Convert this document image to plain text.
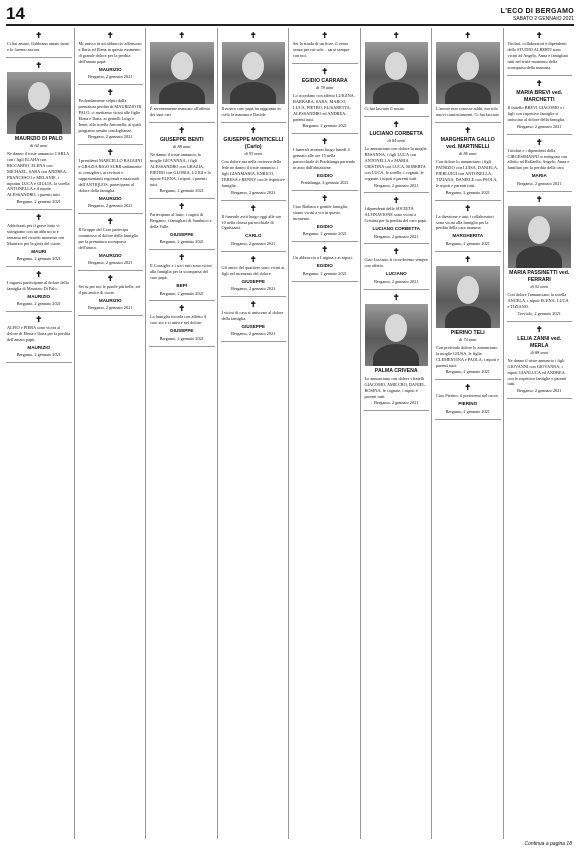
14	L'ECO DI BERGAMO
SABATO 2 GENNAIO 2021
✝
Ci hai amato, Gabbiano amato tanto e lo faremo ancora.
✝
MAURIZIO DI PALO
di 64 anni
Ne danno il triste annuncio CARLA con i figli ELAHA con RICCARDO, ELENA con MICHAEL, SARA con ANDREA, FRANCESCO e MELANIE, i nipotini LUCA e GIULIA, la sorella ANTONELLA e il nipote ALESSANDRO, i parenti tutti.
Bergamo, 2 gennaio 2021
✝
Addolorati per il grave lutto vi stringiamo con un abbraccio e teniamo nel ricordo momenti con Maurizio per la gioia del cuore.
MAURI
Bergamo, 2 gennaio 2021
✝
I ragazzi partecipano al dolore della famiglia di Maurizio Di Palo.
MAURIZIO
Bergamo, 2 gennaio 2021
✝
ALFIO e PIERA sono vicini al dolore di Elena e Ilaria per la perdita dell'amato papà.
MAURIZIO
Bergamo, 2 gennaio 2021
✝
Mi unisco in un abbraccio affettuoso a Ilaria ed Elena in questo momento di grande dolore per la perdita dell'amato papà.
MAURIZIO
Bergamo, 2 gennaio 2021
✝
Profondamente colpiti dalla prematura perdita di MAURIZIO DI PALO, ci mettiamo vicini alle figlie Elena e Ilaria, ai gemelli Luigi e Irene, alla sorella Antonella, ai quali porgiamo sentite condoglianze.
Bergamo, 2 gennaio 2021
✝
I presidenti MARCELLO RAGGINI e GRAZIA RIGO SURR unitamente ai consiglieri, ai revisori e rappresentanti regionali e nazionali dell'ANTIQUOS, partecipano al dolore della famiglia.
MAURIZIO
Bergamo, 2 gennaio 2021
✝
Il Gruppo del Coro partecipa commosso al dolore della famiglia per la prematura scomparsa dell'amico.
MAURIZIO
Bergamo, 2 gennaio 2021
✝
Sei tu per noi le parole più belle, sei il più amico di cuore.
MAURIZIO
Bergamo, 2 gennaio 2021
✝
È sereneamente mancato all'affetto dei suoi cari
✝
GIUSEPPE BENTI
di 88 anni
Ne danno il triste annuncio la moglie GIOVANNA, i figli ALESSANDRO con GRAZIA, PIETRO con GLORIA, LUIGI e la nipote ELENA, i nipoti, i parenti tutti.
Bergamo, 2 gennaio 2021
✝
Partecipano al lutto: i cugini di Bergamo, i famigliari di Sambuco e della Valle.
GIUSEPPE
Bergamo, 2 gennaio 2021
✝
Il Consiglio e i soci tutti sono vicini alla famiglia per la scomparsa del caro papà.
BEPI
Bergamo, 2 gennaio 2021
✝
La famiglia ricorda con affetto il caro zio e si unisce nel dolore.
GIUSEPPE
Bergamo, 2 gennaio 2021
✝
Il nostro caro papà ha raggiunto in cielo la mamma e Davide.
✝
GIUSEPPE MONTICELLI (Carlo)
di 93 anni
Con dolore ma nella certezza della fede ne danno il triste annuncio i figli GIANMARIA, ENRICO, TERESA e RENNY con le rispettive famiglie.
Bergamo, 2 gennaio 2021
✝
Il funerale avrà luogo oggi alle ore 10 nella chiesa parrocchiale di Ognissanti.
CARLO
Bergamo, 2 gennaio 2021
✝
Gli amici del quartiere sono vicini ai figli nel momento del dolore.
GIUSEPPE
Bergamo, 2 gennaio 2021
✝
I vicini di casa si uniscono al dolore della famiglia.
GIUSEPPE
Bergamo, 2 gennaio 2021
✝
Sei la strada di un fiore, il vento senza per cui sole... sarai sempre con noi.
✝
EGIDIO CARRARA
di 78 anni
Lo ricordano con affetto LUIGINA, BARBARA, SARA, MARCO, LUCA, PIETRO, ELISABETTA, ALESSANDRO ed ANDREA, parenti tutti.
Bergamo, 2 gennaio 2021
✝
I funerali avranno luogo lunedì 4 gennaio alle ore 15 nella parrocchiale di Pradalunga partendo in auto dall'abitazione.
EGIDIO
Pradalunga, 2 gennaio 2021
✝
Ciao Barbara e gentile famiglia, siamo vicini a voi in questo momento.
EGIDIO
Bergamo, 2 gennaio 2021
✝
Un abbraccio a Luigina e ai nipoti.
EGIDIO
Bergamo, 2 gennaio 2021
✝
Ci hai lasciato il nostro
✝
LUCIANO CORBETTA
di 84 anni
Lo annunciano con dolore la moglie RESANNA, i figli LUCA con ANTONELLA e MARIA CRISTINA con LUCA, ROBERTA con LUCA, le sorelle, i cognati, le cognate, i nipoti e parenti tutti.
Bergamo, 2 gennaio 2021
✝
I dipendenti della SOCIETÀ ALTINAVIONE sono vicini a Cristina per la perdita del caro papà.
LUCIANO CORBETTA
Bergamo, 2 gennaio 2021
✝
Ciao Luciano, ti ricorderemo sempre con affetto.
LUCIANO
Bergamo, 2 gennaio 2021
✝
PALMA CRIVENA
Lo annunciano con dolore i fratelli GIACOMO, AMILCRO, DANIEL, ROSINA, le cognate, i nipoti e parenti tutti.
Bergamo, 2 gennaio 2021
✝
L'amore non conosce addii, ma solo nuovi cominciamenti. Ci hai lasciato
✝
MARGHERITA GALLO ved. MARTINELLI
di 86 anni
Con dolore lo annunciano i figli PATRIZIO con LUISA, DANIELA, PIERLUIGI con ANTONELLA, TIZIANA, DANIELE con PAOLA, le nipoti e parenti tutti.
Bergamo, 2 gennaio 2021
✝
La direzione e tutti i collaboratori sono vicini alla famiglia per la perdita della cara mamma.
MARGHERITA
Bergamo, 2 gennaio 2021
✝
PIERINO TELI
di 74 anni
Con profondo dolore lo annunciano la moglie GIUSA, le figlie CLEMENTINA e PAOLA, i nipoti e parenti tutti.
Bergamo, 2 gennaio 2021
✝
Ciao Pierino, ti porteremo nel cuore.
PIERINO
Bergamo, 2 gennaio 2021
✝
Titolari, collaboratori e dipendenti dello STUDIO ALBERTI sono vicini ad Angelo, Anna e famigliari tutti nel triste momento della scomparsa della mamma.
✝
MARIA BREVI ved. MARCHETTI
Il fratello BREVI GIACOMO e i figli con rispettive famiglie si uniscono al dolore della famiglia.
Bergamo, 2 gennaio 2021
✝
I titolari e i dipendenti della CIRGESIMANNI si stringono con affetto ad Raffaella, Angelo, Anna e familiari per la perdita della cara
MARIA
Bergamo, 2 gennaio 2021
✝
MARIA PASSINETTI ved. FERRARI
di 92 anni
Con dolore l'annunciano la sorella ANGELA, i nipoti ELENA, LUCA e TIZIANO.
Treviolo, 2 gennaio 2021
✝
LELIA ZANNI ved. MERLA
di 88 anni
Ne danno il triste annuncio i figli GIOVANNI con GIOVANNA, i nipoti GIANLUCA ed ANDREA con le rispettive famiglie e parenti tutti.
Bergamo, 2 gennaio 2021
Continua a pagina 18
